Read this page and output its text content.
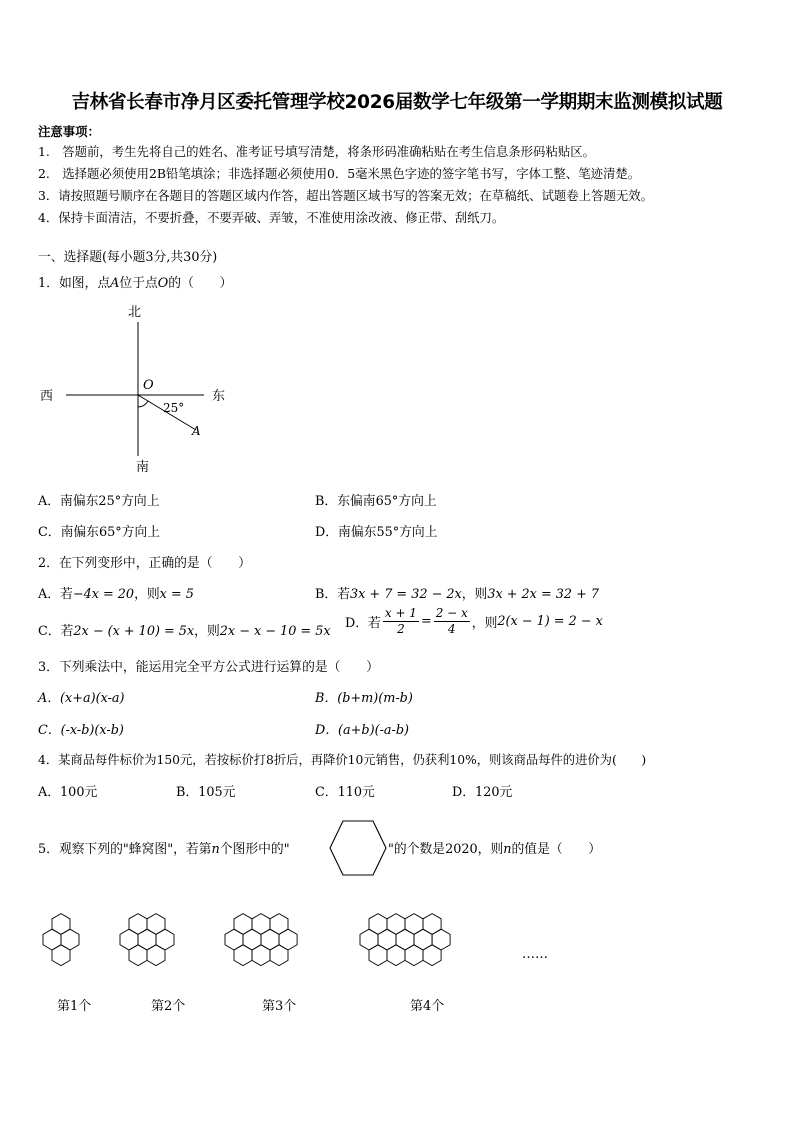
吉林省长春市净月区委托管理学校2026届数学七年级第一学期期末监测模拟试题
注意事项：
1.　答题前，考生先将自己的姓名、准考证号填写清楚，将条形码准确粘贴在考生信息条形码粘贴区。
2.　选择题必须使用2B铅笔填涂；非选择题必须使用0．5毫米黑色字迹的签字笔书写，字体工整、笔迹清楚。
3．请按照题号顺序在各题目的答题区域内作答，超出答题区域书写的答案无效；在草稿纸、试题卷上答题无效。
4．保持卡面清洁，不要折叠，不要弄破、弄皱，不准使用涂改液、修正带、刮纸刀。
一、选择题(每小题3分,共30分)
1．如图，点A位于点O的（　　）
北
南
西	东
O
A
25°
A．南偏东25°方向上	B．东偏南65°方向上
C．南偏东65°方向上	D．南偏东55°方向上
2．在下列变形中，正确的是（　　）
A．若−4x = 20，则x = 5	B．若3x + 7 = 32 − 2x，则3x + 2x = 32 + 7
C．若2x − (x + 10) = 5x，则2x − x − 10 = 5x
D．若 $\frac{x + 1}{2} = \frac{2 - x}{4}$ ，则2(x − 1) = 2 − x
3．下列乘法中，能运用完全平方公式进行运算的是（　　）
A．(x+a)(x-a)	B．(b+m)(m-b)
C．(-x-b)(x-b)	D．(a+b)(-a-b)
4．某商品每件标价为150元，若按标价打8折后，再降价10元销售，仍获利10%，则该商品每件的进价为(　　)
A．100元	B．105元	C．110元	D．120元
5．观察下列的"蜂窝图"，若第n个图形中的"	"的个数是2020，则n的值是（　　）
第1个	第2个	第3个	第4个
……
